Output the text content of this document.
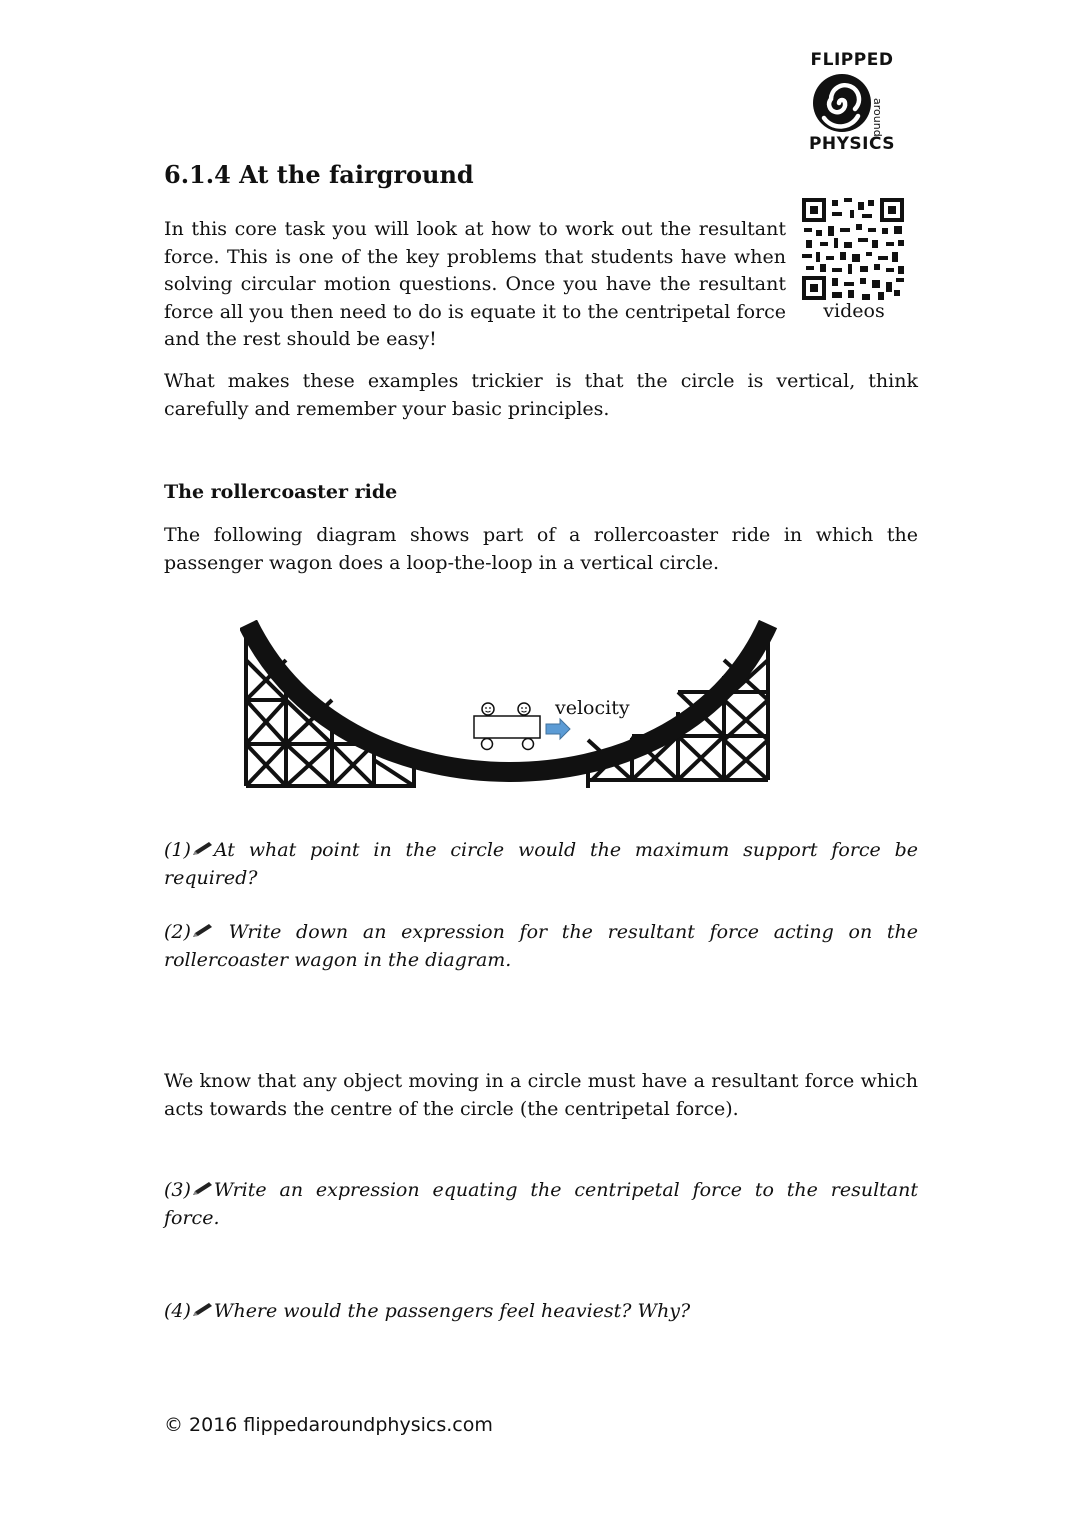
FLIPPED
around
PHYSICS
6.1.4 At the fairground

In this core task you will look at how to work out the resultant force. This is one of the key problems that students have when solving circular motion questions. Once you have the resultant force all you then need to do is equate it to the centripetal force and the rest should be easy!

videos

What makes these examples trickier is that the circle is vertical, think carefully and remember your basic principles.

The rollercoaster ride

The following diagram shows part of a rollercoaster ride in which the passenger wagon does a loop-the-loop in a vertical circle.

velocity

(1) At what point in the circle would the maximum support force be required?

(2) Write down an expression for the resultant force acting on the rollercoaster wagon in the diagram.

We know that any object moving in a circle must have a resultant force which acts towards the centre of the circle (the centripetal force).

(3) Write an expression equating the centripetal force to the resultant force.

(4) Where would the passengers feel heaviest? Why?

© 2016 flippedaroundphysics.com
